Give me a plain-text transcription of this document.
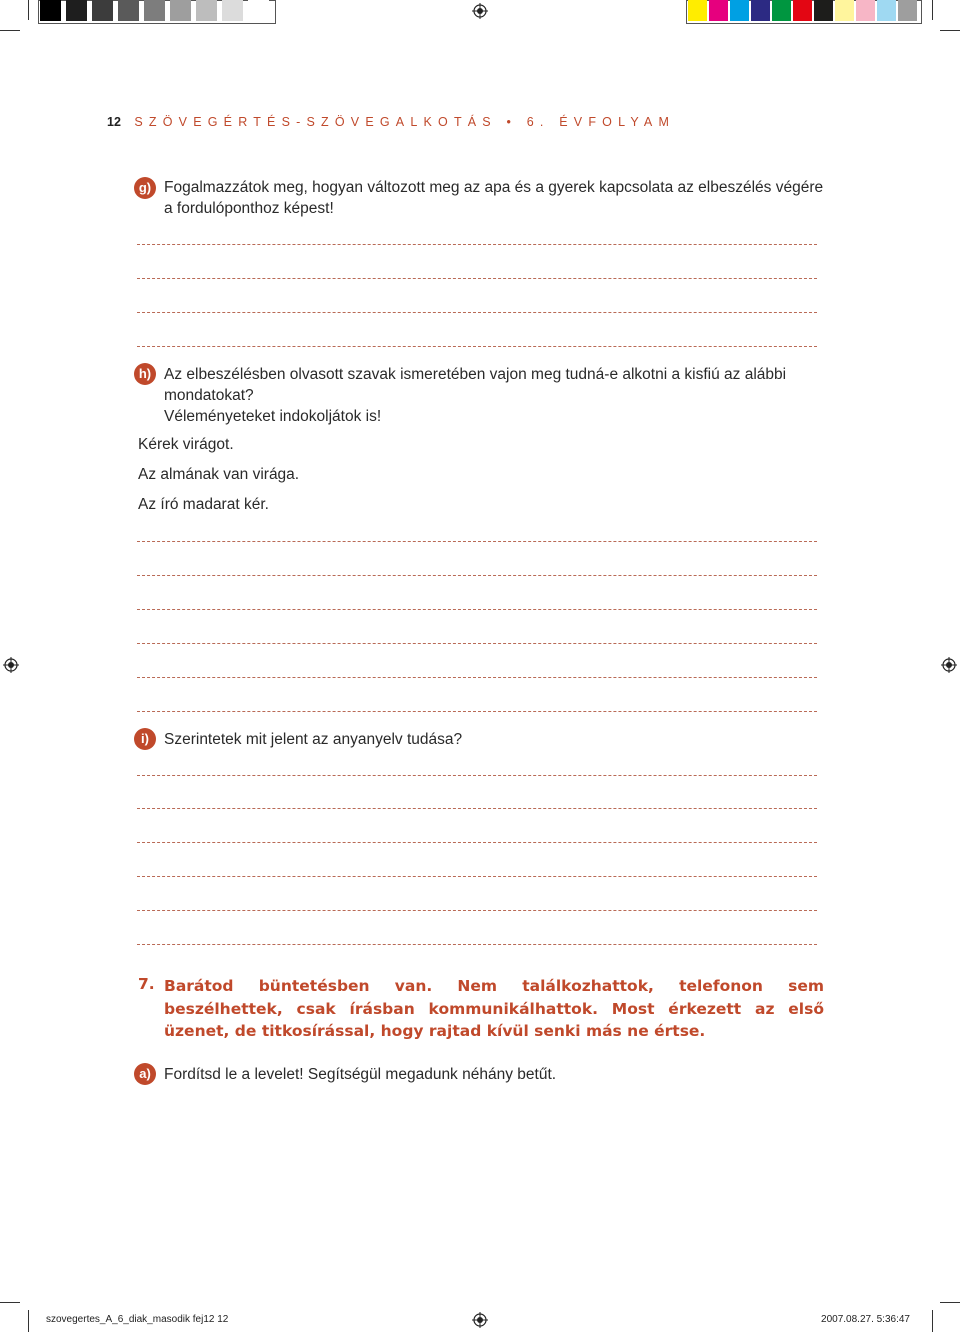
12 SZÖVEGÉRTÉS-SZÖVEGALKOTÁS • 6. ÉVFOLYAM
g) Fogalmazzátok meg, hogyan változott meg az apa és a gyerek kapcsolata az elbeszélés végére a fordulóponthoz képest!
h) Az elbeszélésben olvasott szavak ismeretében vajon meg tudná-e alkotni a kisfiú az alábbi mondatokat?
Véleményeteket indokoljátok is!
Kérek virágot.
Az almának van virága.
Az író madarat kér.
i) Szerintetek mit jelent az anyanyelv tudása?
7. Barátod büntetésben van. Nem találkozhattok, telefonon sem beszélhettek, csak írásban kommunikálhattok. Most érkezett az első üzenet, de titkosírással, hogy rajtad kívül senki más ne értse.
a) Fordítsd le a levelet! Segítségül megadunk néhány betűt.
szovegertes_A_6_diak_masodik fej12 12	2007.08.27. 5:36:47
